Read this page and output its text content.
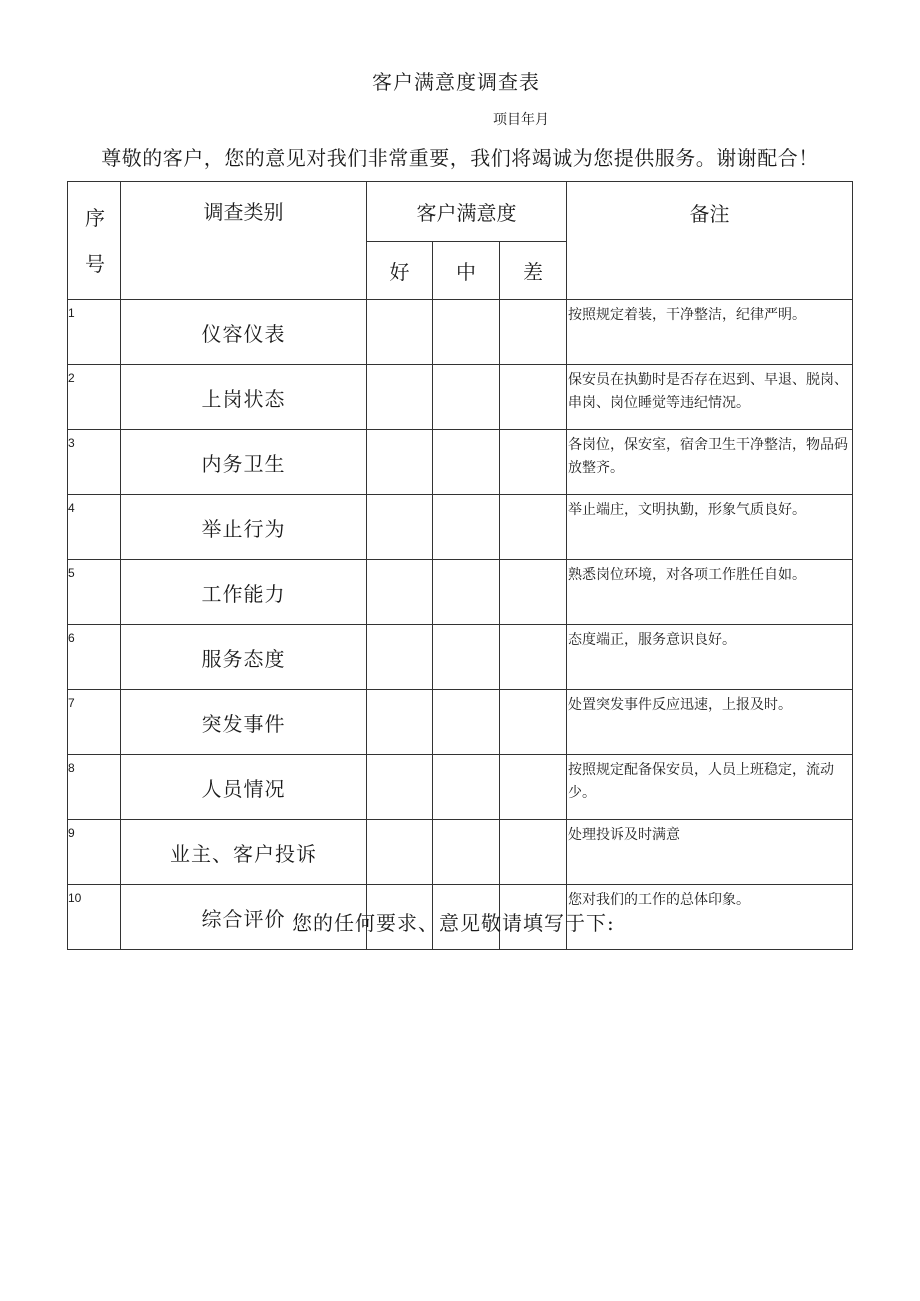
客户满意度调查表
项目年月
尊敬的客户，您的意见对我们非常重要，我们将竭诚为您提供服务。谢谢配合！
序
号	调查类别	客户满意度			备注
		好	中	差	
1	仪容仪表				按照规定着装，干净整洁，纪律严明。
2	上岗状态				保安员在执勤时是否存在迟到、早退、脱岗、串岗、岗位睡觉等违纪情况。
3	内务卫生				各岗位，保安室，宿舍卫生干净整洁，物品码放整齐。
4	举止行为				举止端庄，文明执勤，形象气质良好。
5	工作能力				熟悉岗位环境，对各项工作胜任自如。
6	服务态度				态度端正，服务意识良好。
7	突发事件				处置突发事件反应迅速，上报及时。
8	人员情况				按照规定配备保安员，人员上班稳定，流动少。
9	业主、客户投诉				处理投诉及时满意
10	综合评价				您对我们的工作的总体印象。
您的任何要求、意见敬请填写于下:
